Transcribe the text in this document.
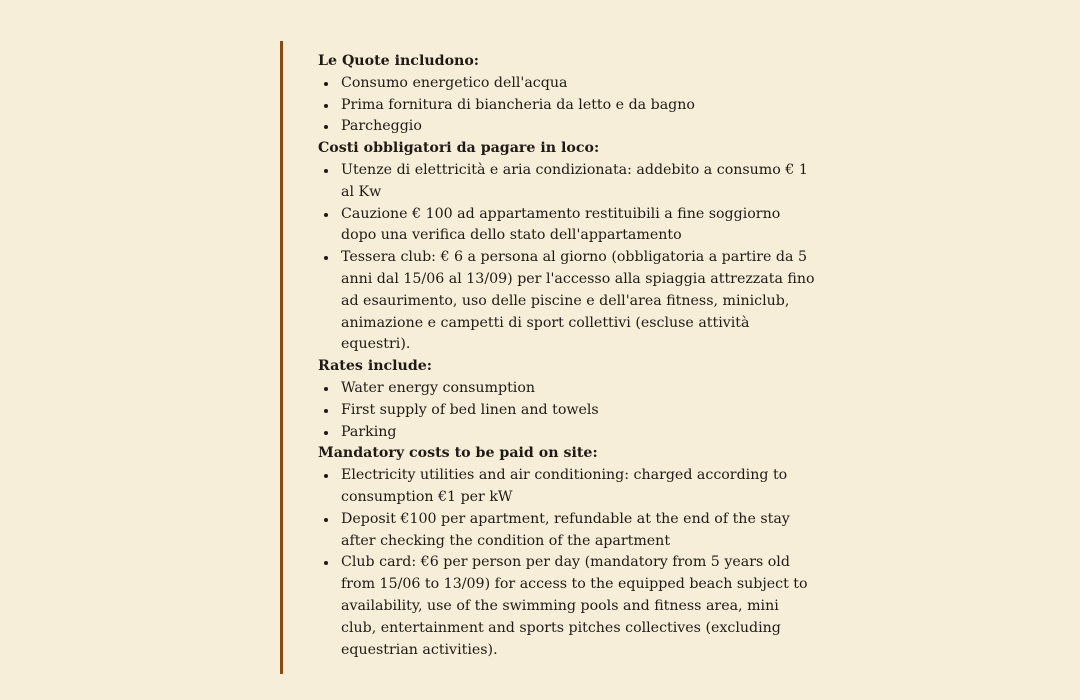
Le Quote includono:

Consumo energetico dell'acqua
Prima fornitura di biancheria da letto e da bagno
Parcheggio

Costi obbligatori da pagare in loco:

Utenze di elettricità e aria condizionata: addebito a consumo € 1 al Kw
Cauzione € 100 ad appartamento restituibili a fine soggiorno dopo una verifica dello stato dell'appartamento
Tessera club: € 6 a persona al giorno (obbligatoria a partire da 5 anni dal 15/06 al 13/09) per l'accesso alla spiaggia attrezzata fino ad esaurimento, uso delle piscine e dell'area fitness, miniclub, animazione e campetti di sport collettivi (escluse attività equestri).

Rates include:

Water energy consumption
First supply of bed linen and towels
Parking

Mandatory costs to be paid on site:

Electricity utilities and air conditioning: charged according to consumption €1 per kW
Deposit €100 per apartment, refundable at the end of the stay after checking the condition of the apartment
Club card: €6 per person per day (mandatory from 5 years old from 15/06 to 13/09) for access to the equipped beach subject to availability, use of the swimming pools and fitness area, mini club, entertainment and sports pitches collectives (excluding equestrian activities).
